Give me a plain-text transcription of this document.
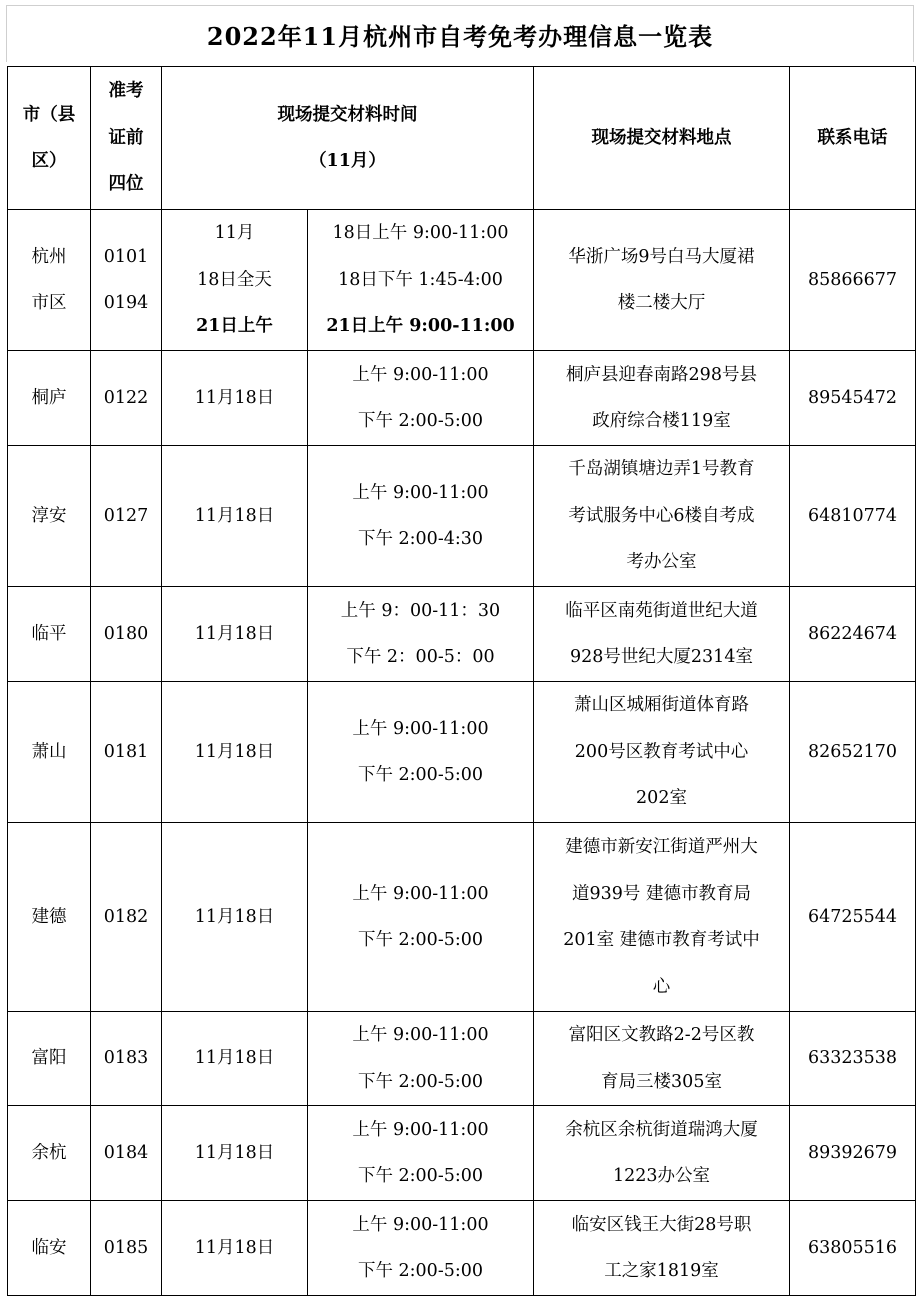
2022年11月杭州市自考免考办理信息一览表
市（县
区）	准考
证前
四位	现场提交材料时间
（11月）		现场提交材料地点	联系电话

杭州
市区	0101
0194	11月
18日全天
21日上午	18日上午 9:00-11:00
18日下午 1:45-4:00
21日上午 9:00-11:00	华浙广场9号白马大厦裙
楼二楼大厅	85866677

桐庐	0122	11月18日	上午 9:00-11:00
下午 2:00-5:00	桐庐县迎春南路298号县
政府综合楼119室	89545472

淳安	0127	11月18日	上午 9:00-11:00
下午 2:00-4:30	千岛湖镇塘边弄1号教育
考试服务中心6楼自考成
考办公室	64810774

临平	0180	11月18日	上午 9：00-11：30
下午 2：00-5：00	临平区南苑街道世纪大道
928号世纪大厦2314室	86224674

萧山	0181	11月18日	上午 9:00-11:00
下午 2:00-5:00	萧山区城厢街道体育路
200号区教育考试中心
202室	82652170

建德	0182	11月18日	上午 9:00-11:00
下午 2:00-5:00	建德市新安江街道严州大
道939号 建德市教育局
201室 建德市教育考试中
心	64725544

富阳	0183	11月18日	上午 9:00-11:00
下午 2:00-5:00	富阳区文教路2-2号区教
育局三楼305室	63323538

余杭	0184	11月18日	上午 9:00-11:00
下午 2:00-5:00	余杭区余杭街道瑞鸿大厦
1223办公室	89392679

临安	0185	11月18日	上午 9:00-11:00
下午 2:00-5:00	临安区钱王大街28号职
工之家1819室	63805516
